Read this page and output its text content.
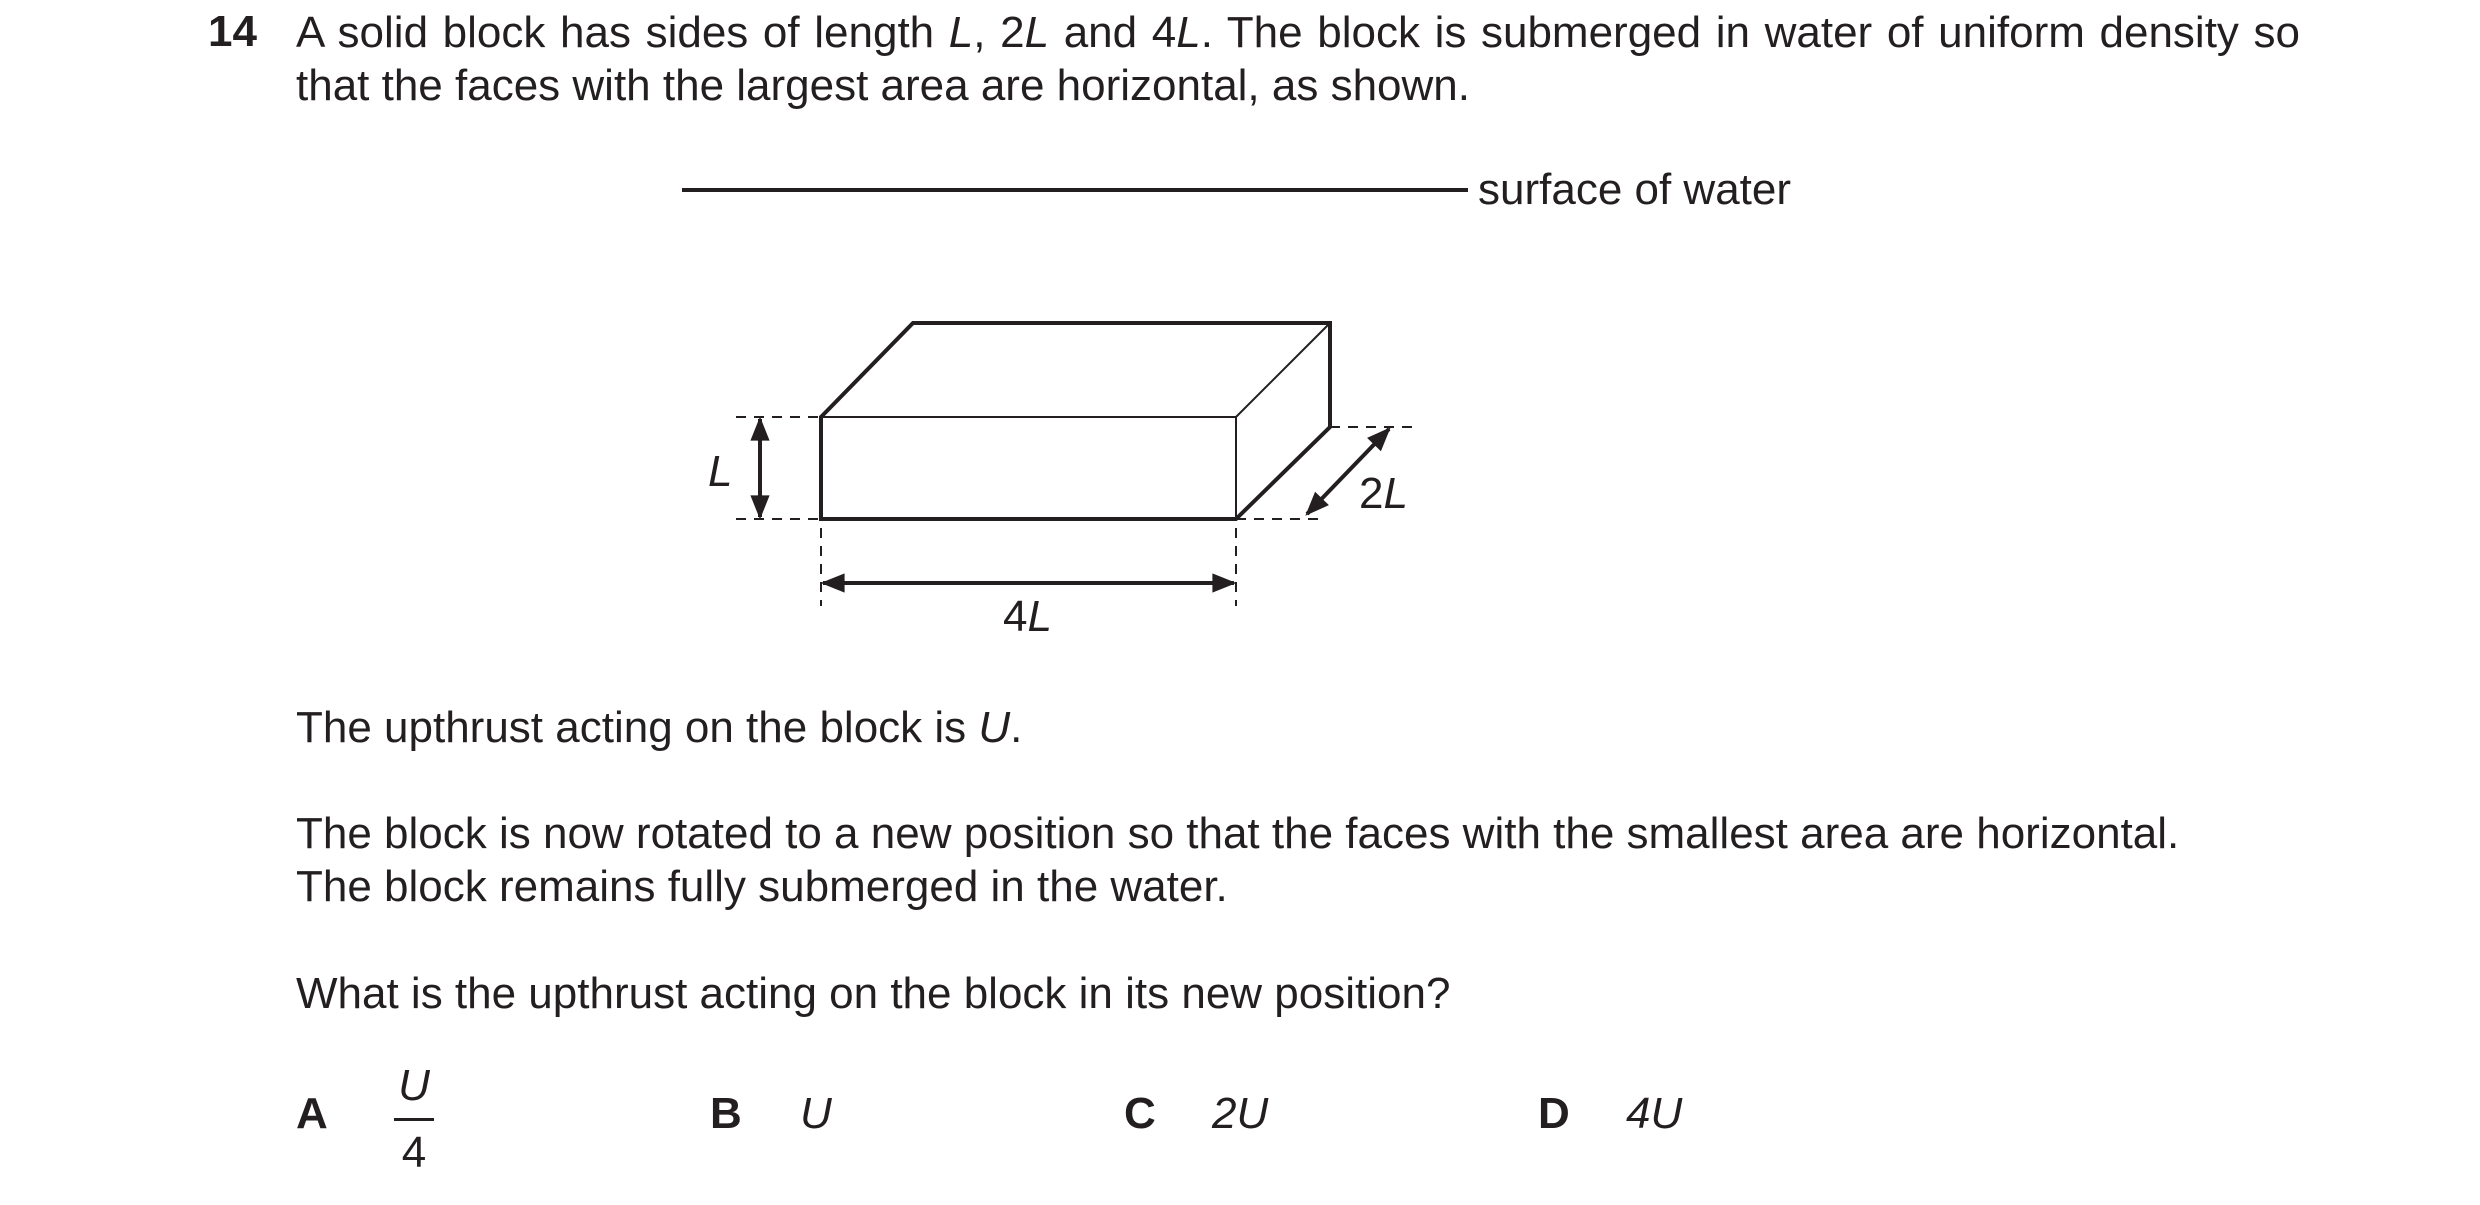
14 A solid block has sides of length L, 2L and 4L. The block is submerged in water of uniform density so that the faces with the largest area are horizontal, as shown.
surface of water
L	2L
4L
The upthrust acting on the block is U.
The block is now rotated to a new position so that the faces with the smallest area are horizontal.
The block remains fully submerged in the water.
What is the upthrust acting on the block in its new position?
A
U
4
B U	C 2U	D 4U
